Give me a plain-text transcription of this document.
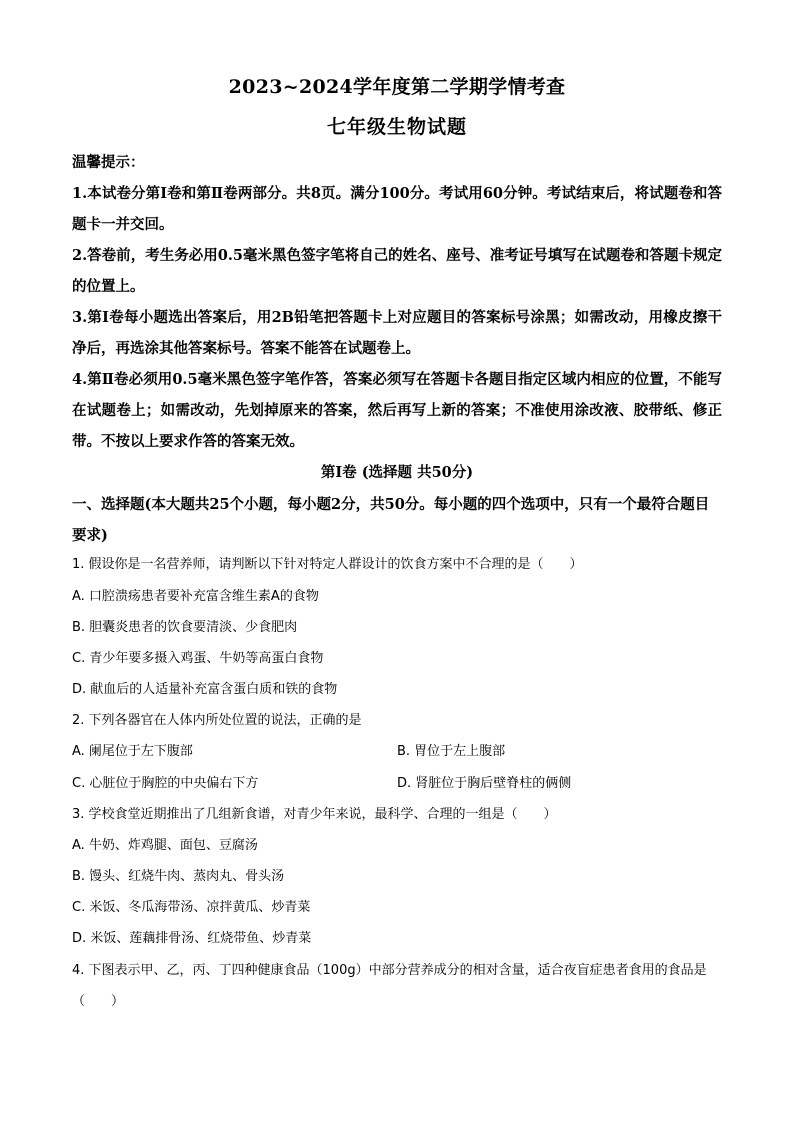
2023~2024学年度第二学期学情考查
七年级生物试题

温馨提示：

1.本试卷分第Ⅰ卷和第Ⅱ卷两部分。共8页。满分100分。考试用60分钟。考试结束后，将试题卷和答题卡一并交回。

2.答卷前，考生务必用0.5毫米黑色签字笔将自己的姓名、座号、准考证号填写在试题卷和答题卡规定的位置上。

3.第Ⅰ卷每小题选出答案后，用2B铅笔把答题卡上对应题目的答案标号涂黑；如需改动，用橡皮擦干净后，再选涂其他答案标号。答案不能答在试题卷上。

4.第Ⅱ卷必须用0.5毫米黑色签字笔作答，答案必须写在答题卡各题目指定区域内相应的位置，不能写在试题卷上；如需改动，先划掉原来的答案，然后再写上新的答案；不准使用涂改液、胶带纸、修正带。不按以上要求作答的答案无效。

第Ⅰ卷 (选择题 共50分)
一、选择题(本大题共25个小题，每小题2分，共50分。每小题的四个选项中，只有一个最符合题目要求)
1. 假设你是一名营养师，请判断以下针对特定人群设计的饮食方案中不合理的是（　　）
A. 口腔溃疡患者要补充富含维生素A的食物
B. 胆囊炎患者的饮食要清淡、少食肥肉
C. 青少年要多摄入鸡蛋、牛奶等高蛋白食物
D. 献血后的人适量补充富含蛋白质和铁的食物
2. 下列各器官在人体内所处位置的说法，正确的是
A. 阑尾位于左下腹部	B. 胃位于左上腹部
C. 心脏位于胸腔的中央偏右下方	D. 肾脏位于胸后壁脊柱的俩侧
3. 学校食堂近期推出了几组新食谱，对青少年来说，最科学、合理的一组是（　　）
A. 牛奶、炸鸡腿、面包、豆腐汤
B. 馒头、红烧牛肉、蒸肉丸、骨头汤
C. 米饭、冬瓜海带汤、凉拌黄瓜、炒青菜
D. 米饭、莲藕排骨汤、红烧带鱼、炒青菜
4. 下图表示甲、乙，丙、丁四种健康食品（100g）中部分营养成分的相对含量，适合夜盲症患者食用的食品是（　　）
